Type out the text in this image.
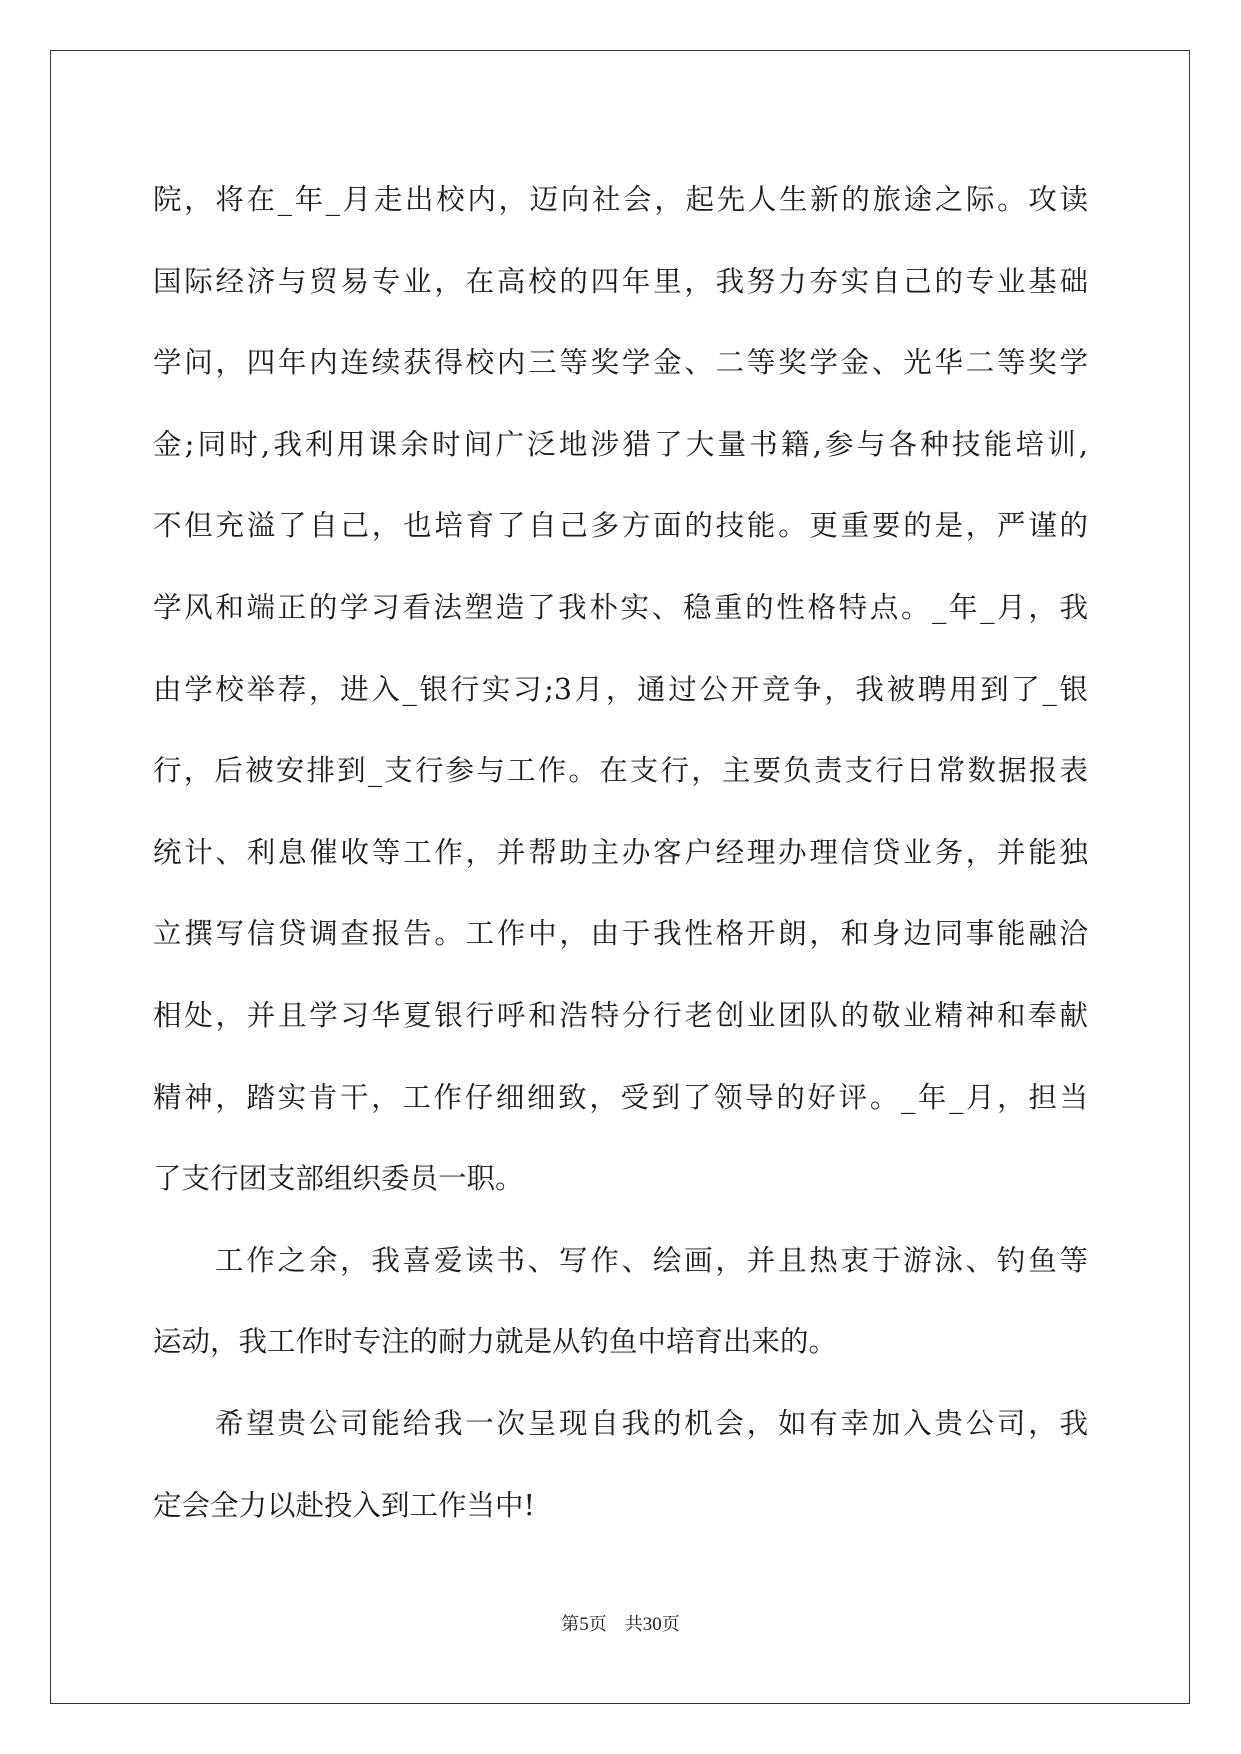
院，将在_年_月走出校内，迈向社会，起先人生新的旅途之际。攻读
国际经济与贸易专业，在高校的四年里，我努力夯实自己的专业基础
学问，四年内连续获得校内三等奖学金、二等奖学金、光华二等奖学
金;同时,我利用课余时间广泛地涉猎了大量书籍,参与各种技能培训,
不但充溢了自己，也培育了自己多方面的技能。更重要的是，严谨的
学风和端正的学习看法塑造了我朴实、稳重的性格特点。_年_月，我
由学校举荐，进入_银行实习;3月，通过公开竞争，我被聘用到了_银
行，后被安排到_支行参与工作。在支行，主要负责支行日常数据报表
统计、利息催收等工作，并帮助主办客户经理办理信贷业务，并能独
立撰写信贷调查报告。工作中，由于我性格开朗，和身边同事能融洽
相处，并且学习华夏银行呼和浩特分行老创业团队的敬业精神和奉献
精神，踏实肯干，工作仔细细致，受到了领导的好评。_年_月，担当
了支行团支部组织委员一职。
工作之余，我喜爱读书、写作、绘画，并且热衷于游泳、钓鱼等
运动，我工作时专注的耐力就是从钓鱼中培育出来的。
希望贵公司能给我一次呈现自我的机会，如有幸加入贵公司，我
定会全力以赴投入到工作当中!
第5页 共30页
